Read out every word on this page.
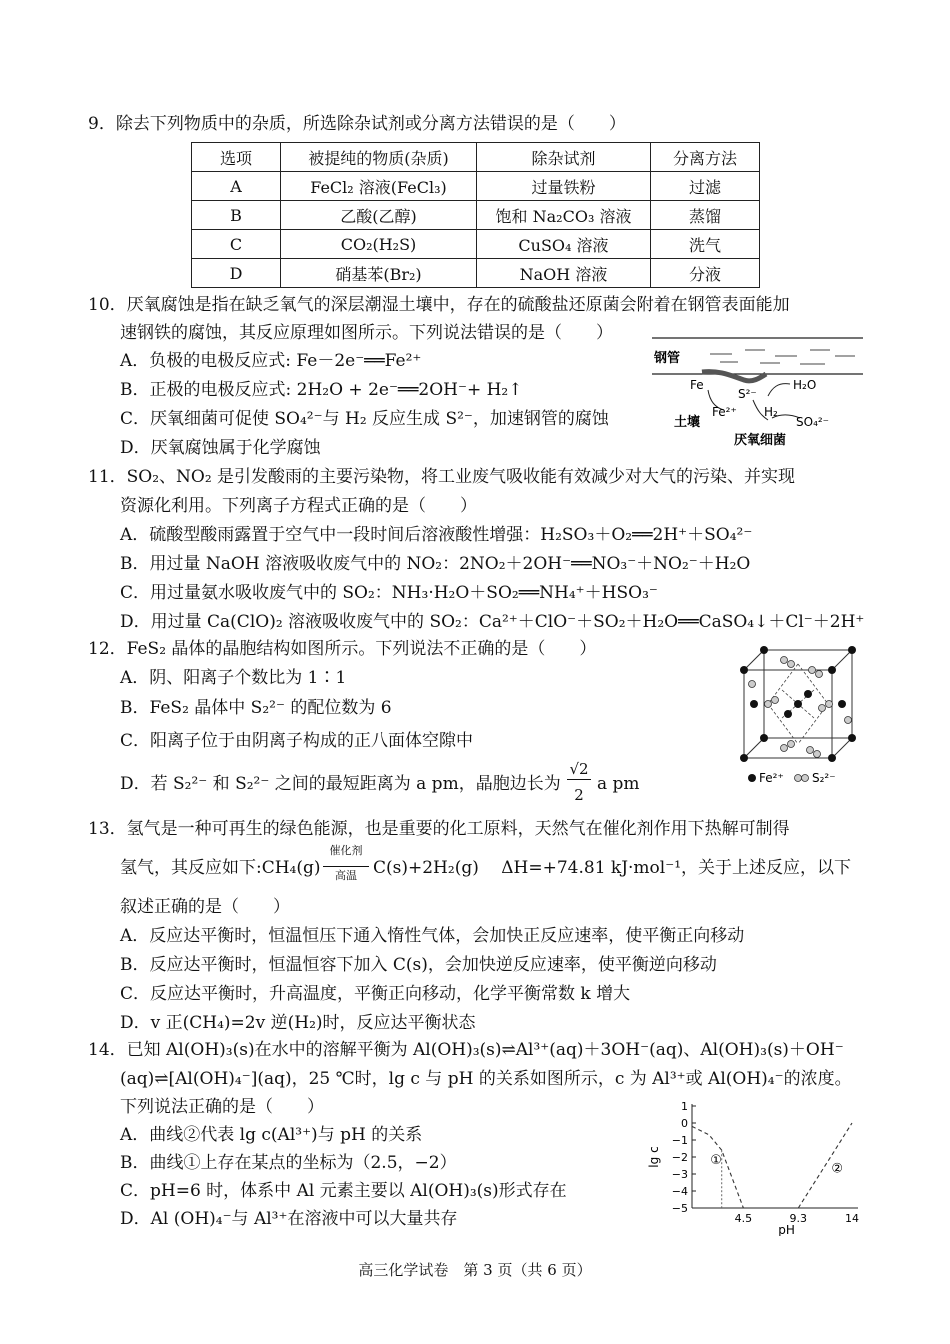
9．除去下列物质中的杂质，所选除杂试剂或分离方法错误的是（　　）
选项	被提纯的物质(杂质)	除杂试剂	分离方法
A	FeCl₂ 溶液(FeCl₃)	过量铁粉	过滤
B	乙酸(乙醇)	饱和 Na₂CO₃ 溶液	蒸馏
C	CO₂(H₂S)	CuSO₄ 溶液	洗气
D	硝基苯(Br₂)	NaOH 溶液	分液
10．厌氧腐蚀是指在缺乏氧气的深层潮湿土壤中，存在的硫酸盐还原菌会附着在钢管表面能加
速钢铁的腐蚀，其反应原理如图所示。下列说法错误的是（　　）
A．负极的电极反应式: Fe－2e⁻══Fe²⁺
B．正极的电极反应式: 2H₂O + 2e⁻══2OH⁻+ H₂↑
C．厌氧细菌可促使 SO₄²⁻与 H₂ 反应生成 S²⁻，加速钢管的腐蚀
D．厌氧腐蚀属于化学腐蚀
钢管
Fe
S²⁻
H₂O
土壤
Fe²⁺ H₂
SO₄²⁻
厌氧细菌
11．SO₂、NO₂ 是引发酸雨的主要污染物，将工业废气吸收能有效减少对大气的污染、并实现
资源化利用。下列离子方程式正确的是（　　）
A．硫酸型酸雨露置于空气中一段时间后溶液酸性增强：H₂SO₃＋O₂══2H⁺＋SO₄²⁻
B．用过量 NaOH 溶液吸收废气中的 NO₂：2NO₂＋2OH⁻══NO₃⁻＋NO₂⁻＋H₂O
C．用过量氨水吸收废气中的 SO₂：NH₃·H₂O＋SO₂══NH₄⁺＋HSO₃⁻
D．用过量 Ca(ClO)₂ 溶液吸收废气中的 SO₂：Ca²⁺＋ClO⁻＋SO₂＋H₂O══CaSO₄↓＋Cl⁻＋2H⁺
12．FeS₂ 晶体的晶胞结构如图所示。下列说法不正确的是（　　）
A．阴、阳离子个数比为 1∶1
B．FeS₂ 晶体中 S₂²⁻ 的配位数为 6
C．阳离子位于由阴离子构成的正八面体空隙中
D．若 S₂²⁻ 和 S₂²⁻ 之间的最短距离为 a pm，晶胞边长为
√2
2
a pm	Fe²⁺ S₂²⁻
13．氢气是一种可再生的绿色能源，也是重要的化工原料，天然气在催化剂作用下热解可制得
氢气，其反应如下:CH₄(g)
催化剂
高温 C(s)+2H₂(g)　 ΔH=+74.81 kJ·mol⁻¹，关于上述反应，以下
叙述正确的是（　　）
A．反应达平衡时，恒温恒压下通入惰性气体，会加快正反应速率，使平衡正向移动
B．反应达平衡时，恒温恒容下加入 C(s)，会加快逆反应速率，使平衡逆向移动
C．反应达平衡时，升高温度，平衡正向移动，化学平衡常数 k 增大
D．v 正(CH₄)=2v 逆(H₂)时，反应达平衡状态
14．已知 Al(OH)₃(s)在水中的溶解平衡为 Al(OH)₃(s)⇌Al³⁺(aq)＋3OH⁻(aq)、Al(OH)₃(s)＋OH⁻
(aq)⇌[Al(OH)₄⁻](aq)，25 ℃时，lg c 与 pH 的关系如图所示，c 为 Al³⁺或 Al(OH)₄⁻的浓度。
下列说法正确的是（　　）
A．曲线②代表 lg c(Al³⁺)与 pH 的关系
B．曲线①上存在某点的坐标为（2.5，−2）
C．pH=6 时，体系中 Al 元素主要以 Al(OH)₃(s)形式存在
D．Al (OH)₄⁻与 Al³⁺在溶液中可以大量共存
1
0
−1
−2
−3
−4
−5
4.5	9.3	14
lg c
pH
①
②
高三化学试卷　第 3 页（共 6 页）
